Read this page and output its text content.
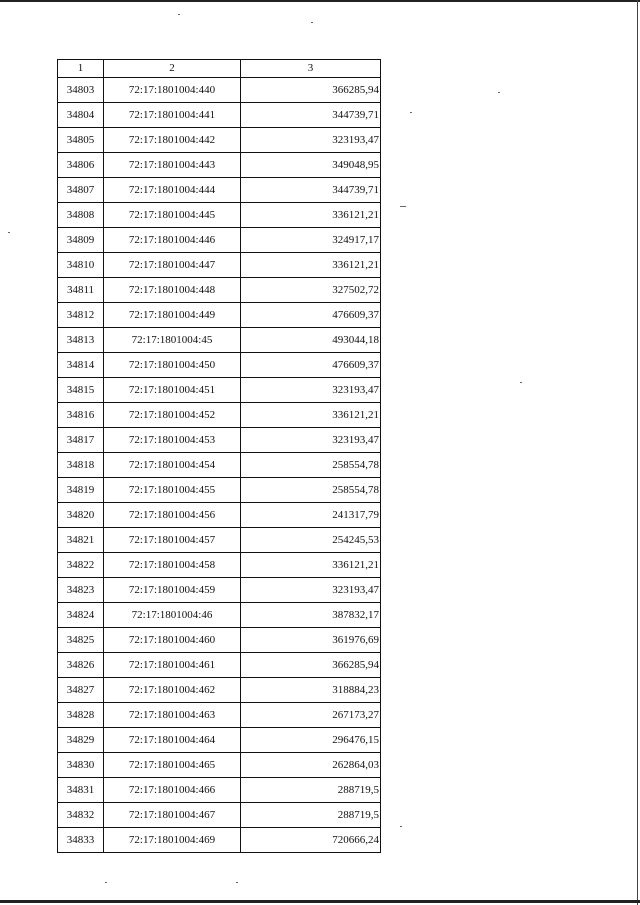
1	2	3
34803	72:17:1801004:440	366285,94
34804	72:17:1801004:441	344739,71
34805	72:17:1801004:442	323193,47
34806	72:17:1801004:443	349048,95
34807	72:17:1801004:444	344739,71
34808	72:17:1801004:445	336121,21
34809	72:17:1801004:446	324917,17
34810	72:17:1801004:447	336121,21
34811	72:17:1801004:448	327502,72
34812	72:17:1801004:449	476609,37
34813	72:17:1801004:45	493044,18
34814	72:17:1801004:450	476609,37
34815	72:17:1801004:451	323193,47
34816	72:17:1801004:452	336121,21
34817	72:17:1801004:453	323193,47
34818	72:17:1801004:454	258554,78
34819	72:17:1801004:455	258554,78
34820	72:17:1801004:456	241317,79
34821	72:17:1801004:457	254245,53
34822	72:17:1801004:458	336121,21
34823	72:17:1801004:459	323193,47
34824	72:17:1801004:46	387832,17
34825	72:17:1801004:460	361976,69
34826	72:17:1801004:461	366285,94
34827	72:17:1801004:462	318884,23
34828	72:17:1801004:463	267173,27
34829	72:17:1801004:464	296476,15
34830	72:17:1801004:465	262864,03
34831	72:17:1801004:466	288719,5
34832	72:17:1801004:467	288719,5
34833	72:17:1801004:469	720666,24
